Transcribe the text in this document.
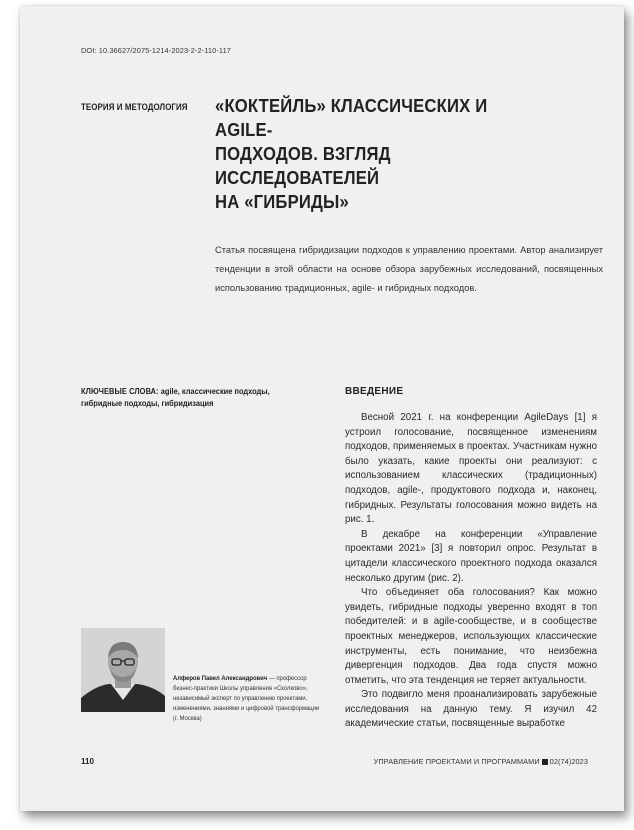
DOI: 10.36627/2075-1214-2023-2-2-110-117
ТЕОРИЯ И МЕТОДОЛОГИЯ «КОКТЕЙЛЬ» КЛАССИЧЕСКИХ И AGILE-
ПОДХОДОВ. ВЗГЛЯД ИССЛЕДОВАТЕЛЕЙ
НА «ГИБРИДЫ»
Статья посвящена гибридизации подходов к управлению проектами. Автор анализирует тенденции в этой области на основе обзора зарубежных исследований, посвященных использованию традиционных, agile- и гибридных подходов.
КЛЮЧЕВЫЕ СЛОВА: agile, классические подходы, гибридные подходы, гибридизация
ВВЕДЕНИЕ

Весной 2021 г. на конференции AgileDays [1] я устроил голосование, посвященное изменениям подходов, применяемых в проектах. Участникам нужно было указать, какие проекты они реализуют: с использованием классических (традиционных) подходов, agile-, продуктового подхода и, наконец, гибридных. Результаты голосования можно видеть на рис. 1.

В декабре на конференции «Управление проектами 2021» [3] я повторил опрос. Результат в цитадели классического проектного подхода оказался несколько другим (рис. 2).

Что объединяет оба голосования? Как можно увидеть, гибридные подходы уверенно входят в топ победителей: и в agile-сообществе, и в сообществе проектных менеджеров, использующих классические инструменты, есть понимание, что неизбежна дивергенция подходов. Два года спустя можно отметить, что эта тенденция не теряет актуальности.

Это подвигло меня проанализировать зарубежные исследования на данную тему. Я изучил 42 академические статьи, посвященные выработке

Алферов Павел Александрович — профессор бизнес-практики Школы управления «Сколково», независимый эксперт по управлению проектами, изменениями, знаниями и цифровой трансформации (г. Москва)
110	УПРАВЛЕНИЕ ПРОЕКТАМИ И ПРОГРАММАМИ 02(74)2023
